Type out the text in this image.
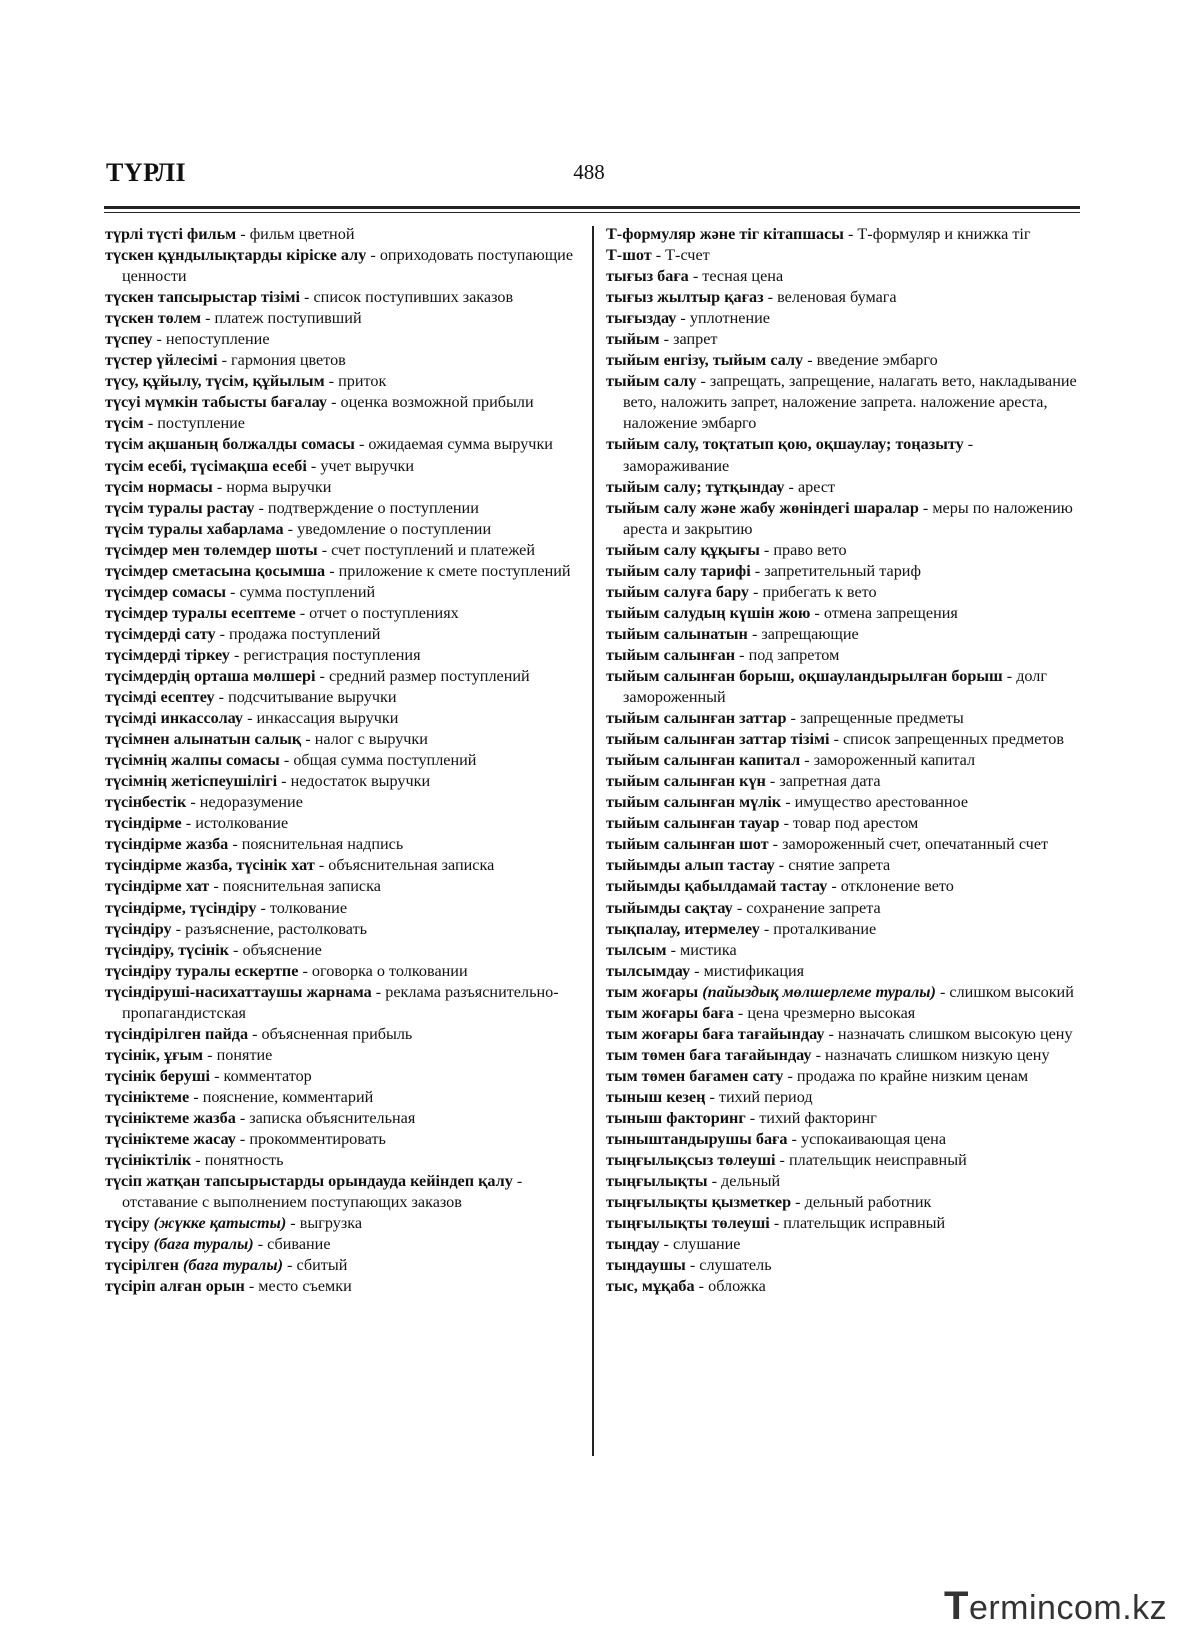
ТҮРЛІ	488
түрлі түсті фильм - фильм цветной
түскен құндылықтарды кіріске алу - оприходовать поступающие ценности
түскен тапсырыстар тізімі - список поступивших заказов
түскен төлем - платеж поступивший
түспеу - непоступление
түстер үйлесімі - гармония цветов
түсу, құйылу, түсім, құйылым - приток
түсуі мүмкін табысты бағалау - оценка возможной прибыли
түсім - поступление
түсім ақшаның болжалды сомасы - ожидаемая сумма выручки
түсім есебі, түсімақша есебі - учет выручки
түсім нормасы - норма выручки
түсім туралы растау - подтверждение о поступлении
түсім туралы хабарлама - уведомление о поступлении
түсімдер мен төлемдер шоты - счет поступлений и платежей
түсімдер сметасына қосымша - приложение к смете поступлений
түсімдер сомасы - сумма поступлений
түсімдер туралы есептеме - отчет о поступлениях
түсімдерді сату - продажа поступлений
түсімдерді тіркеу - регистрация поступления
түсімдердің орташа мөлшері - средний размер поступлений
түсімді есептеу - подсчитывание выручки
түсімді инкассолау - инкассация выручки
түсімнен алынатын салық - налог с выручки
түсімнің жалпы сомасы - общая сумма поступлений
түсімнің жетіспеушілігі - недостаток выручки
түсінбестік - недоразумение
түсіндірме - истолкование
түсіндірме жазба - пояснительная надпись
түсіндірме жазба, түсінік хат - объяснительная записка
түсіндірме хат - пояснительная записка
түсіндірме, түсіндіру - толкование
түсіндіру - разъяснение, растолковать
түсіндіру, түсінік - объяснение
түсіндіру туралы ескертпе - оговорка о толковании
түсіндіруші-насихаттаушы жарнама - реклама разъяснительно-пропагандистская
түсіндірілген пайда - объясненная прибыль
түсінік, ұғым - понятие
түсінік беруші - комментатор
түсініктеме - пояснение, комментарий
түсініктеме жазба - записка объяснительная
түсініктеме жасау - прокомментировать
түсініктілік - понятность
түсіп жатқан тапсырыстарды орындауда кейіндеп қалу - отставание с выполнением поступающих заказов
түсіру (жүкке қатысты) - выгрузка
түсіру (баға туралы) - сбивание
түсірілген (баға туралы) - сбитый
түсіріп алған орын - место съемки
Т-формуляр және тіг кітапшасы - Т-формуляр и книжка тіг
Т-шот - Т-счет
тығыз баға - тесная цена
тығыз жылтыр қағаз - веленовая бумага
тығыздау - уплотнение
тыйым - запрет
тыйым енгізу, тыйым салу - введение эмбарго
тыйым салу - запрещать, запрещение, налагать вето, накладывание вето, наложить запрет, наложение запрета. наложение ареста, наложение эмбарго
тыйым салу, тоқтатып қою, оқшаулау; тоңазыту - замораживание
тыйым салу; тұтқындау - арест
тыйым салу және жабу жөніндегі шаралар - меры по наложению ареста и закрытию
тыйым салу құқығы - право вето
тыйым салу тарифі - запретительный тариф
тыйым салуға бару - прибегать к вето
тыйым салудың күшін жою - отмена запрещения
тыйым салынатын - запрещающие
тыйым салынған - под запретом
тыйым салынған борыш, оқшауландырылған борыш - долг замороженный
тыйым салынған заттар - запрещенные предметы
тыйым салынған заттар тізімі - список запрещенных предметов
тыйым салынған капитал - замороженный капитал
тыйым салынған күн - запретная дата
тыйым салынған мүлік - имущество арестованное
тыйым салынған тауар - товар под арестом
тыйым салынған шот - замороженный счет, опечатанный счет
тыйымды алып тастау - снятие запрета
тыйымды қабылдамай тастау - отклонение вето
тыйымды сақтау - сохранение запрета
тықпалау, итермелеу - проталкивание
тылсым - мистика
тылсымдау - мистификация
тым жоғары (пайыздық мөлшерлеме туралы) - слишком высокий
тым жоғары баға - цена чрезмерно высокая
тым жоғары баға тағайындау - назначать слишком высокую цену
тым төмен баға тағайындау - назначать слишком низкую цену
тым төмен бағамен сату - продажа по крайне низким ценам
тыныш кезең - тихий период
тыныш факторинг - тихий факторинг
тыныштандырушы баға - успокаивающая цена
тыңғылықсыз төлеуші - плательщик неисправный
тыңғылықты - дельный
тыңғылықты қызметкер - дельный работник
тыңғылықты төлеуші - плательщик исправный
тыңдау - слушание
тыңдаушы - слушатель
тыс, мұқаба - обложка
Termincom.kz
